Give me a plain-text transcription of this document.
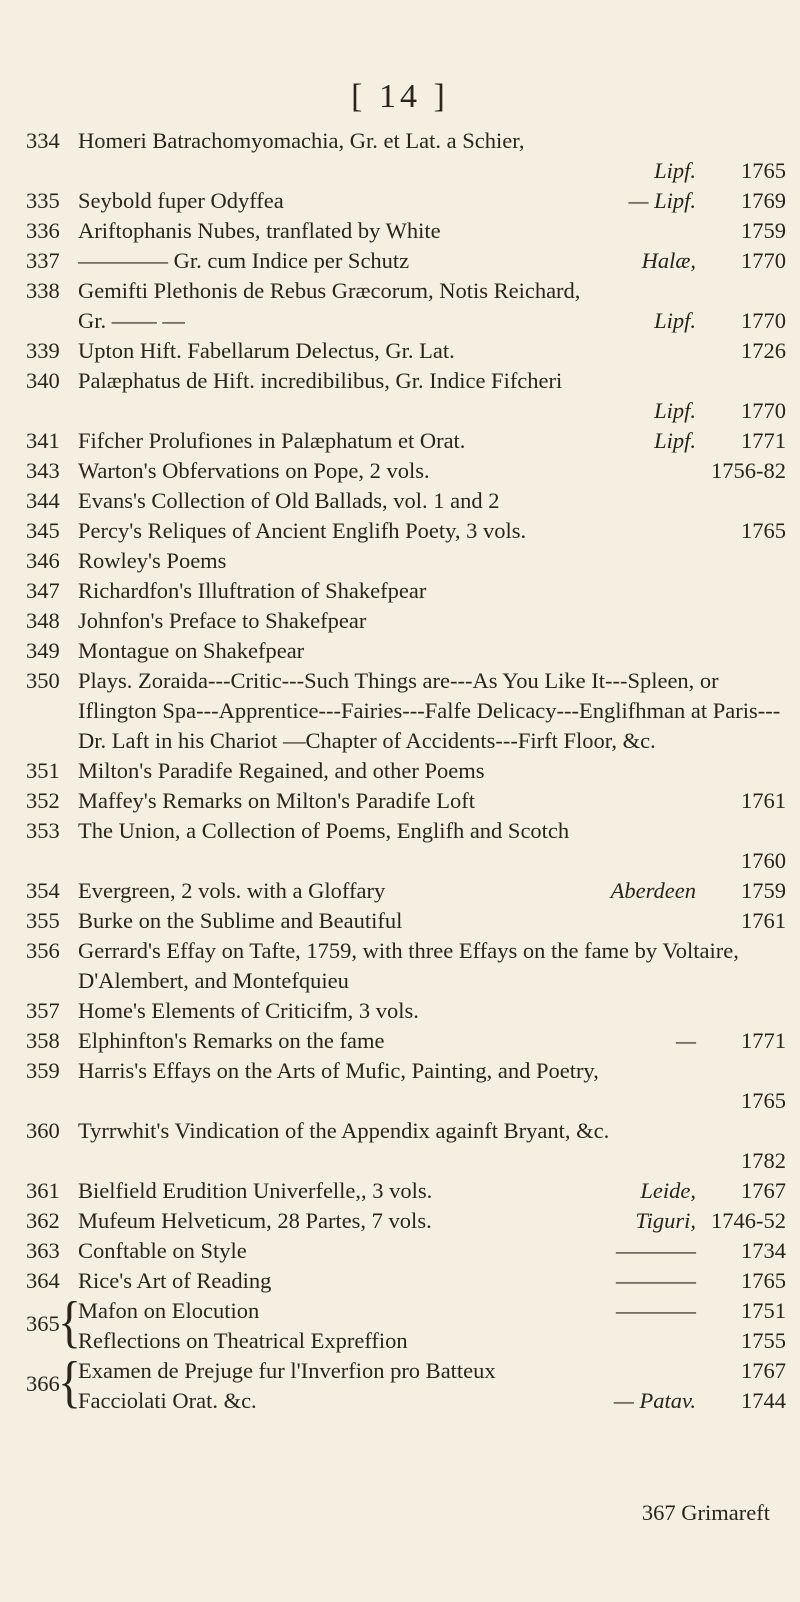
[ 14 ]
334 Homeri Batrachomyomachia, Gr. et Lat. a Schier,
Lipf.	1765
335 Seybold fuper Odyffea	— Lipf.	1769
336 Ariftophanis Nubes, tranflated by White	1759
337 ———— Gr. cum Indice per Schutz	Halæ,	1770
338 Gemifti Plethonis de Rebus Græcorum, Notis Reichard,
Gr. —— —	Lipf.	1770
339 Upton Hift. Fabellarum Delectus, Gr. Lat.	1726
340 Palæphatus de Hift. incredibilibus, Gr. Indice Fifcheri
Lipf.	1770
341 Fifcher Prolufiones in Palæphatum et Orat.	Lipf.	1771
343 Warton's Obfervations on Pope, 2 vols.	1756-82
344 Evans's Collection of Old Ballads, vol. 1 and 2
345 Percy's Reliques of Ancient Englifh Poety, 3 vols.	1765
346 Rowley's Poems
347 Richardfon's Illuftration of Shakefpear
348 Johnfon's Preface to Shakefpear
349 Montague on Shakefpear
350 Plays. Zoraida---Critic---Such Things are---As You Like It---Spleen, or Iflington Spa---Apprentice---Fairies---Falfe Delicacy---Englifhman at Paris---Dr. Laft in his Chariot —Chapter of Accidents---Firft Floor, &c.
351 Milton's Paradife Regained, and other Poems
352 Maffey's Remarks on Milton's Paradife Loft	1761
353 The Union, a Collection of Poems, Englifh and Scotch
1760
354 Evergreen, 2 vols. with a Gloffary	Aberdeen	1759
355 Burke on the Sublime and Beautiful	1761
356 Gerrard's Effay on Tafte, 1759, with three Effays on the fame by Voltaire, D'Alembert, and Montefquieu
357 Home's Elements of Criticifm, 3 vols.
358 Elphinfton's Remarks on the fame	—	1771
359 Harris's Effays on the Arts of Mufic, Painting, and Poetry,
1765
360 Tyrrwhit's Vindication of the Appendix againft Bryant, &c.
1782
361 Bielfield Erudition Univerfelle,, 3 vols.	Leide,	1767
362 Mufeum Helveticum, 28 Partes, 7 vols.	Tiguri, 1746-52
363 Conftable on Style	————	1734
364 Rice's Art of Reading	————	1765
365
{
Mafon on Elocution	————	1751
Reflections on Theatrical Expreffion	1755
366
{
Examen de Prejuge fur l'Inverfion pro Batteux	1767
Facciolati Orat. &c.	— Patav.	1744
367 Grimareft
